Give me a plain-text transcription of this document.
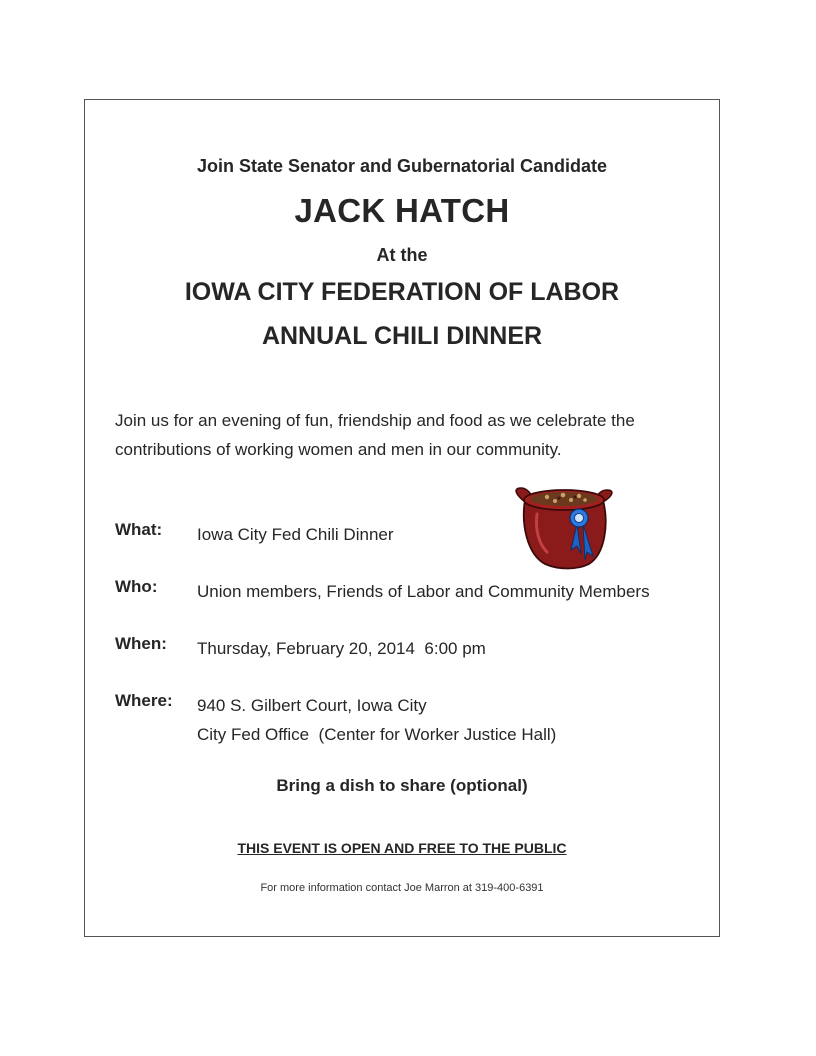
Join State Senator and Gubernatorial Candidate
JACK HATCH
At the
IOWA CITY FEDERATION OF LABOR
ANNUAL CHILI DINNER
Join us for an evening of fun, friendship and food as we celebrate the
contributions of working women and men in our community.
What:	Iowa City Fed Chili Dinner
Who:	Union members, Friends of Labor and Community Members
When:	Thursday, February 20, 2014  6:00 pm
Where:	940 S. Gilbert Court, Iowa City
City Fed Office  (Center for Worker Justice Hall)
Bring a dish to share (optional)
THIS EVENT IS OPEN AND FREE TO THE PUBLIC
For more information contact Joe Marron at 319-400-6391
